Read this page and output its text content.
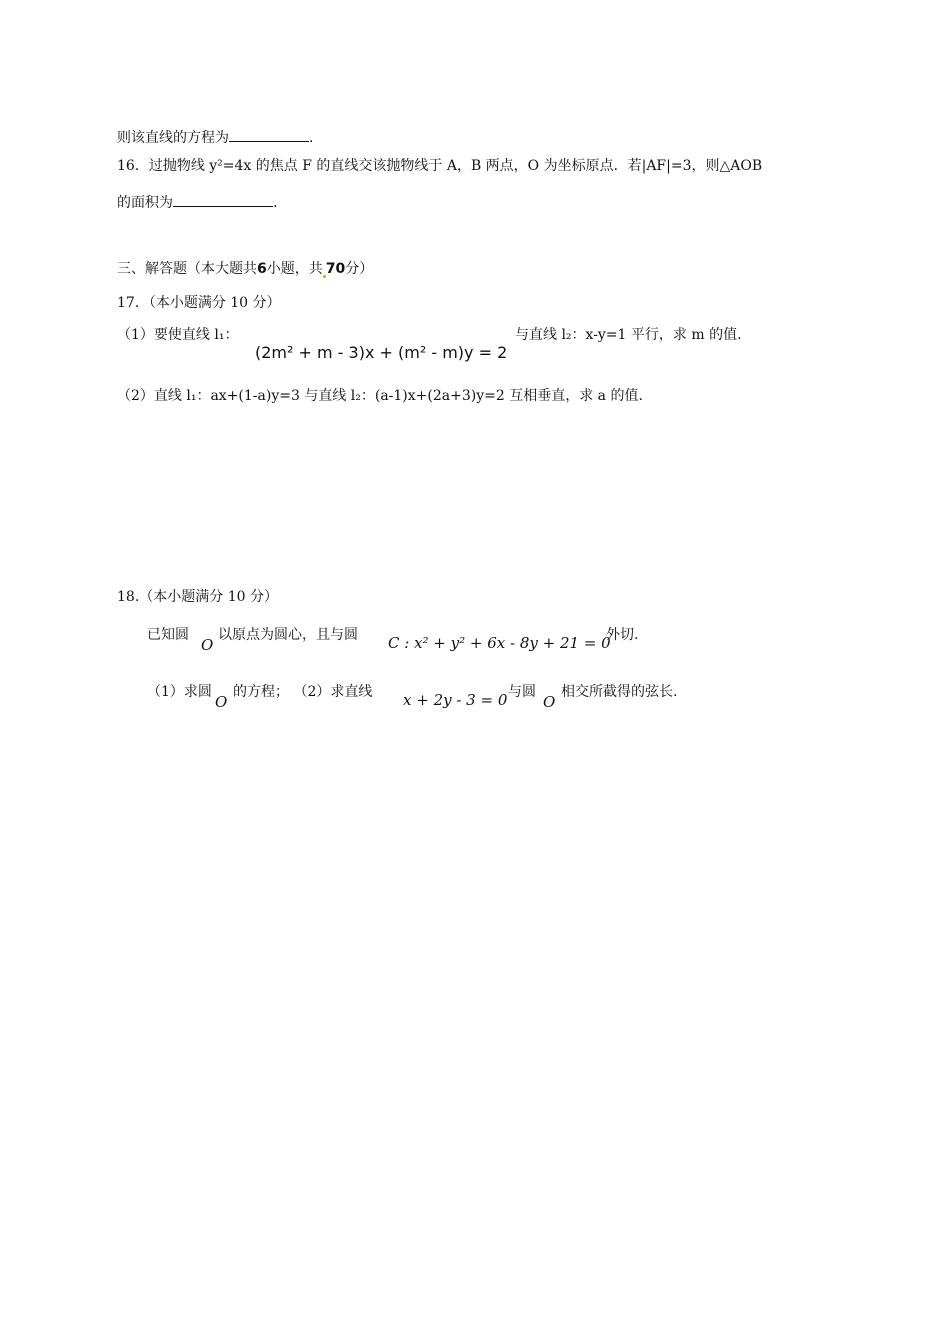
则该直线的方程为	.
16．过抛物线 y²=4x 的焦点 F 的直线交该抛物线于 A，B 两点，O 为坐标原点．若|AF|=3，则△AOB
的面积为	.
三、解答题（本大题共6小题，共 70分）
17．（本小题满分 10 分）
（1）要使直线 l₁：
(2m² + m - 3)x + (m² - m)y = 2
与直线 l₂：x-y=1 平行，求 m 的值.
（2）直线 l₁：ax+(1-a)y=3 与直线 l₂：(a-1)x+(2a+3)y=2 互相垂直，求 a 的值.
18.（本小题满分 10 分）
已知圆
O
以原点为圆心，且与圆 C : x² + y² + 6x - 8y + 21 = 0
外切.
（1）求圆
O
的方程； （2）求直线 x + 2y - 3 = 0 与圆
O
相交所截得的弦长.
